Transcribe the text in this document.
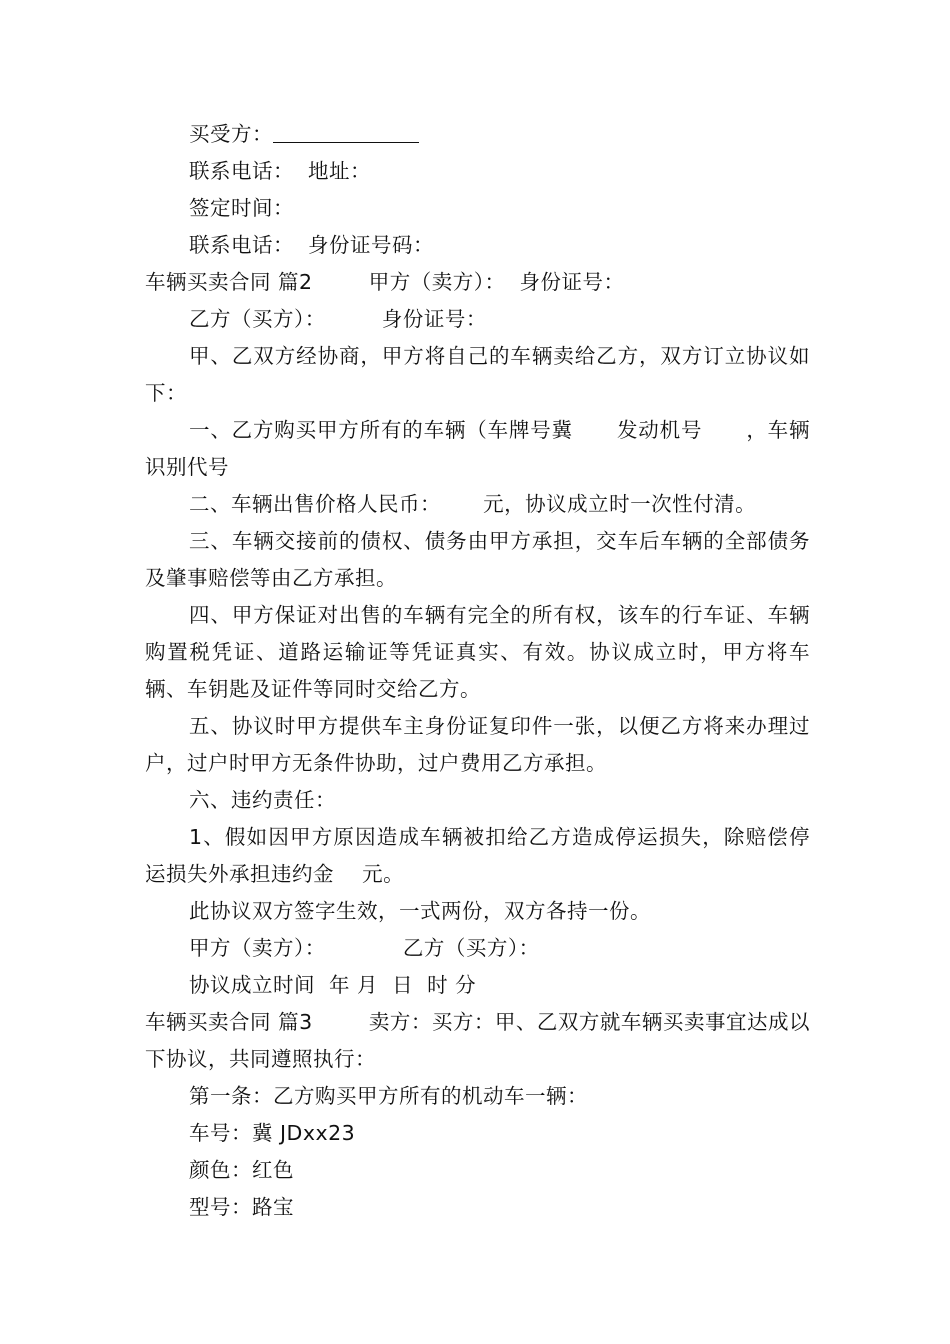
买受方：

联系电话：  地址：

签定时间：

联系电话：  身份证号码：

车辆买卖合同 篇2        甲方（卖方）：  身份证号：

乙方（买方）：        身份证号：

甲、乙双方经协商，甲方将自己的车辆卖给乙方，双方订立协议如下：

一、乙方购买甲方所有的车辆（车牌号冀      发动机号      ，车辆识别代号

二、车辆出售价格人民币：      元，协议成立时一次性付清。

三、车辆交接前的债权、债务由甲方承担，交车后车辆的全部债务及肇事赔偿等由乙方承担。

四、甲方保证对出售的车辆有完全的所有权，该车的行车证、车辆购置税凭证、道路运输证等凭证真实、有效。协议成立时，甲方将车辆、车钥匙及证件等同时交给乙方。

五、协议时甲方提供车主身份证复印件一张，以便乙方将来办理过户，过户时甲方无条件协助，过户费用乙方承担。

六、违约责任：

1、假如因甲方原因造成车辆被扣给乙方造成停运损失，除赔偿停运损失外承担违约金    元。

此协议双方签字生效，一式两份，双方各持一份。

甲方（卖方）：           乙方（买方）：

协议成立时间  年 月  日  时 分

车辆买卖合同 篇3        卖方：买方：甲、乙双方就车辆买卖事宜达成以下协议，共同遵照执行：

第一条：乙方购买甲方所有的机动车一辆：

车号：冀 JDxx23

颜色：红色

型号：路宝
